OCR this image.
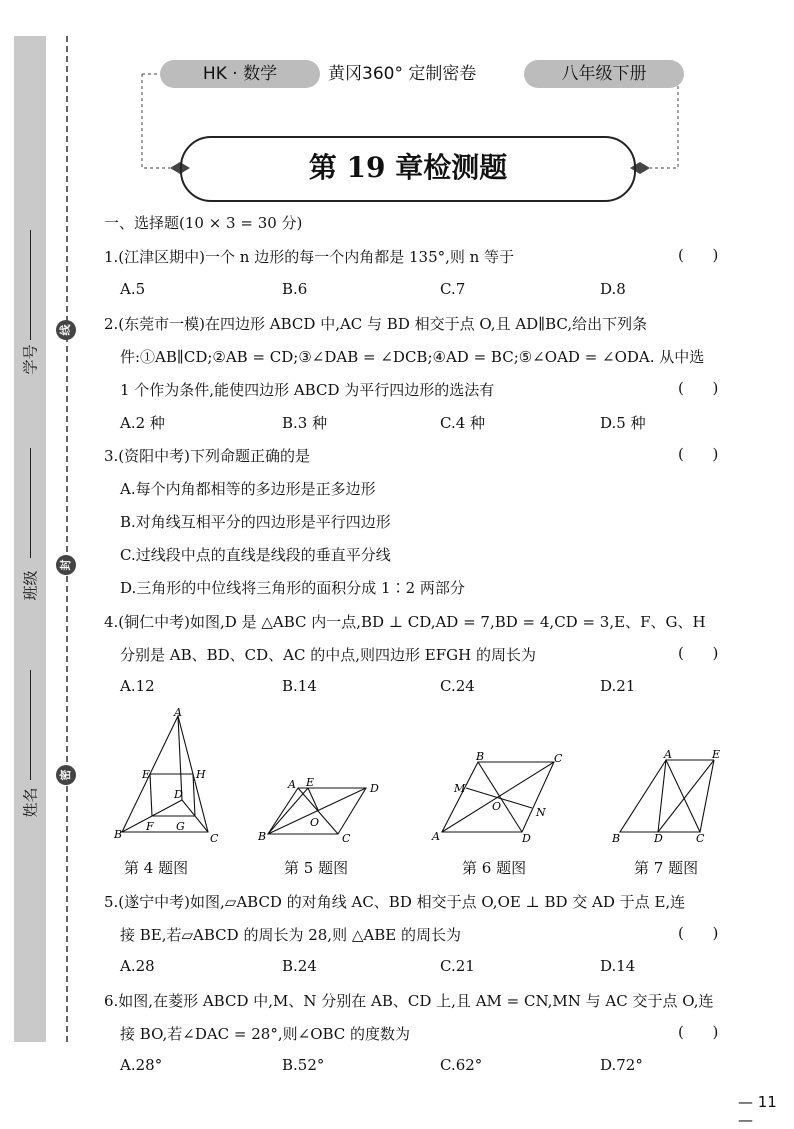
学号
班级
姓名
线
封
密
HK · 数学	黄冈360° 定制密卷	八年级下册
第 19 章检测题
一、选择题(10 × 3 = 30 分)
1.(江津区期中)一个 n 边形的每一个内角都是 135°,则 n 等于	(      )
A.5	B.6	C.7	D.8
2.(东莞市一模)在四边形 ABCD 中,AC 与 BD 相交于点 O,且 AD∥BC,给出下列条
件:①AB∥CD;②AB = CD;③∠DAB = ∠DCB;④AD = BC;⑤∠OAD = ∠ODA. 从中选
1 个作为条件,能使四边形 ABCD 为平行四边形的选法有	(      )
A.2 种	B.3 种	C.4 种	D.5 种
3.(资阳中考)下列命题正确的是	(      )
A.每个内角都相等的多边形是正多边形
B.对角线互相平分的四边形是平行四边形
C.过线段中点的直线是线段的垂直平分线
D.三角形的中位线将三角形的面积分成 1∶2 两部分
4.(铜仁中考)如图,D 是 △ABC 内一点,BD ⊥ CD,AD = 7,BD = 4,CD = 3,E、F、G、H
分别是 AB、BD、CD、AC 的中点,则四边形 EFGH 的周长为	(      )
A.12	B.14	C.24	D.21
A
E	H
D
B
F G
C
A E	D
O
B	C
B	C
M
O	N
A	D
A	E
B	D	C
第 4 题图	第 5 题图	第 6 题图	第 7 题图
5.(遂宁中考)如图,▱ABCD 的对角线 AC、BD 相交于点 O,OE ⊥ BD 交 AD 于点 E,连
接 BE,若▱ABCD 的周长为 28,则 △ABE 的周长为	(      )
A.28	B.24	C.21	D.14
6.如图,在菱形 ABCD 中,M、N 分别在 AB、CD 上,且 AM = CN,MN 与 AC 交于点 O,连
接 BO,若∠DAC = 28°,则∠OBC 的度数为	(      )
A.28°	B.52°	C.62°	D.72°
— 11 —
